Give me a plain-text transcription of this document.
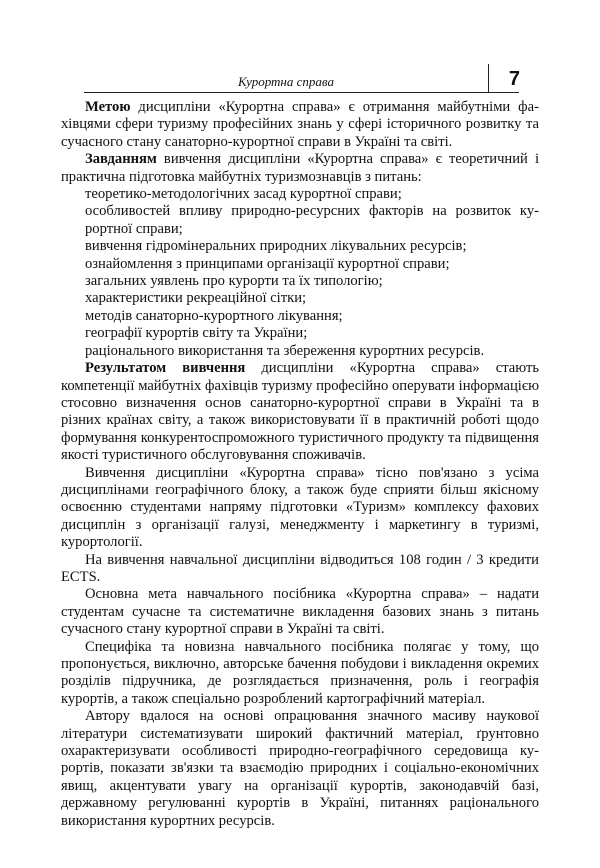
Курортна справа	7

Метою дисципліни «Курортна справа» є отримання майбутніми фахівцями сфери туризму професійних знань у сфері історичного розвитку та сучасного стану санаторно-курортної справи в Україні та світі.

Завданням вивчення дисципліни «Курортна справа» є теоретичний і практична підготовка майбутніх туризмознавців з питань:

теоретико-методологічних засад курортної справи;
особливостей впливу природно-ресурсних факторів на розвиток курортної справи;
вивчення гідромінеральних природних лікувальних ресурсів;
ознайомлення з принципами організації курортної справи;
загальних уявлень про курорти та їх типологію;
характеристики рекреаційної сітки;
методів санаторно-курортного лікування;
географії курортів світу та України;
раціонального використання та збереження курортних ресурсів.

Результатом вивчення дисципліни «Курортна справа» стають компетенції майбутніх фахівців туризму професійно оперувати інформацією стосовно визначення основ санаторно-курортної справи в Україні та в різних країнах світу, а також використовувати її в практичній роботі щодо формування конкурентоспроможного туристичного продукту та підвищення якості туристичного обслуговування споживачів.

Вивчення дисципліни «Курортна справа» тісно пов'язано з усіма дисциплінами географічного блоку, а також буде сприяти більш якісному освоєнню студентами напряму підготовки «Туризм» комплексу фахових дисциплін з організації галузі, менеджменту і маркетингу в туризмі, курортології.

На вивчення навчальної дисципліни відводиться 108 годин / 3 кредити ECTS.

Основна мета навчального посібника «Курортна справа» – надати студентам сучасне та систематичне викладення базових знань з питань сучасного стану курортної справи в Україні та світі.

Специфіка та новизна навчального посібника полягає у тому, що пропонується, виключно, авторське бачення побудови і викладення окремих розділів підручника, де розглядається призначення, роль і географія курортів, а також спеціально розроблений картографічний матеріал.

Автору вдалося на основі опрацювання значного масиву наукової літератури систематизувати широкий фактичний матеріал, ґрунтовно охарактеризувати особливості природно-географічного середовища курортів, показати зв'язки та взаємодію природних і соціально-економічних явищ, акцентувати увагу на організації курортів, законодавчій базі, державному регулюванні курортів в Україні, питаннях раціонального використання курортних ресурсів.
